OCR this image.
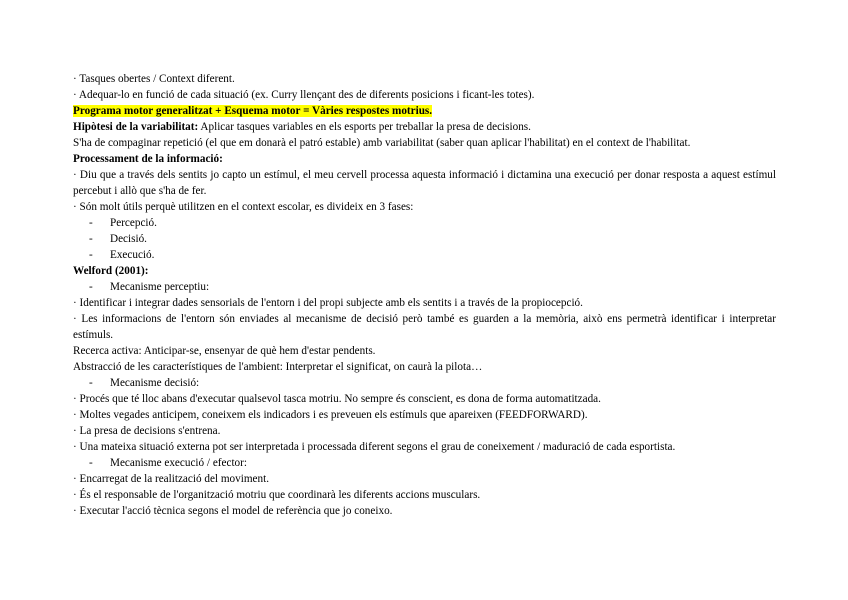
· Tasques obertes / Context diferent.
· Adequar-lo en funció de cada situació (ex. Curry llençant des de diferents posicions i ficant-les totes).
Programa motor generalitzat + Esquema motor = Vàries respostes motrius.
Hipòtesi de la variabilitat: Aplicar tasques variables en els esports per treballar la presa de decisions.
S'ha de compaginar repetició (el que em donarà el patró estable) amb variabilitat (saber quan aplicar l'habilitat) en el context de l'habilitat.
Processament de la informació:
· Diu que a través dels sentits jo capto un estímul, el meu cervell processa aquesta informació i dictamina una execució per donar resposta a aquest estímul percebut i allò que s'ha de fer.
· Són molt útils perquè utilitzen en el context escolar, es divideix en 3 fases:
- Percepció.
- Decisió.
- Execució.
Welford (2001):
- Mecanisme perceptiu:
· Identificar i integrar dades sensorials de l'entorn i del propi subjecte amb els sentits i a través de la propiocepció.
· Les informacions de l'entorn són enviades al mecanisme de decisió però també es guarden a la memòria, això ens permetrà identificar i interpretar estímuls.
Recerca activa: Anticipar-se, ensenyar de què hem d'estar pendents.
Abstracció de les característiques de l'ambient: Interpretar el significat, on caurà la pilota…
- Mecanisme decisió:
· Procés que té lloc abans d'executar qualsevol tasca motriu. No sempre és conscient, es dona de forma automatitzada.
· Moltes vegades anticipem, coneixem els indicadors i es preveuen els estímuls que apareixen (FEEDFORWARD).
· La presa de decisions s'entrena.
· Una mateixa situació externa pot ser interpretada i processada diferent segons el grau de coneixement / maduració de cada esportista.
- Mecanisme execució / efector:
· Encarregat de la realització del moviment.
· És el responsable de l'organització motriu que coordinarà les diferents accions musculars.
· Executar l'acció tècnica segons el model de referència que jo coneixo.
